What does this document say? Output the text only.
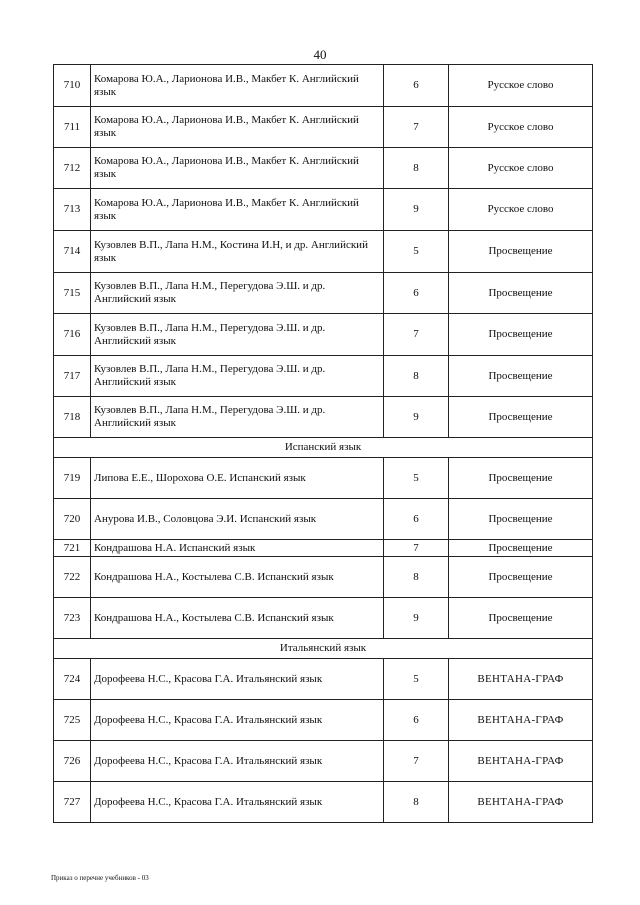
40
710	Комарова Ю.А., Ларионова И.В., Макбет К. Английский язык	6	Русское слово
711	Комарова Ю.А., Ларионова И.В., Макбет К. Английский язык	7	Русское слово
712	Комарова Ю.А., Ларионова И.В., Макбет К. Английский язык	8	Русское слово
713	Комарова Ю.А., Ларионова И.В., Макбет К. Английский язык	9	Русское слово
714	Кузовлев В.П., Лапа Н.М., Костина И.Н, и др. Английский язык	5	Просвещение
715	Кузовлев В.П., Лапа Н.М., Перегудова Э.Ш. и др. Английский язык	6	Просвещение
716	Кузовлев В.П., Лапа Н.М., Перегудова Э.Ш. и др. Английский язык	7	Просвещение
717	Кузовлев В.П., Лапа Н.М., Перегудова Э.Ш. и др. Английский язык	8	Просвещение
718	Кузовлев В.П., Лапа Н.М., Перегудова Э.Ш. и др. Английский язык	9	Просвещение
Испанский язык			
719	Липова Е.Е., Шорохова О.Е. Испанский язык	5	Просвещение
720	Анурова И.В., Соловцова Э.И. Испанский язык	6	Просвещение
721	Кондрашова Н.А. Испанский язык	7	Просвещение
722	Кондрашова Н.А., Костылева С.В. Испанский язык	8	Просвещение
723	Кондрашова Н.А., Костылева С.В. Испанский язык	9	Просвещение
Итальянский язык			
724	Дорофеева Н.С., Красова Г.А. Итальянский язык	5	ВЕНТАНА-ГРАФ
725	Дорофеева Н.С., Красова Г.А. Итальянский язык	6	ВЕНТАНА-ГРАФ
726	Дорофеева Н.С., Красова Г.А. Итальянский язык	7	ВЕНТАНА-ГРАФ
727	Дорофеева Н.С., Красова Г.А. Итальянский язык	8	ВЕНТАНА-ГРАФ
Приказ о перечне учебников - 03
